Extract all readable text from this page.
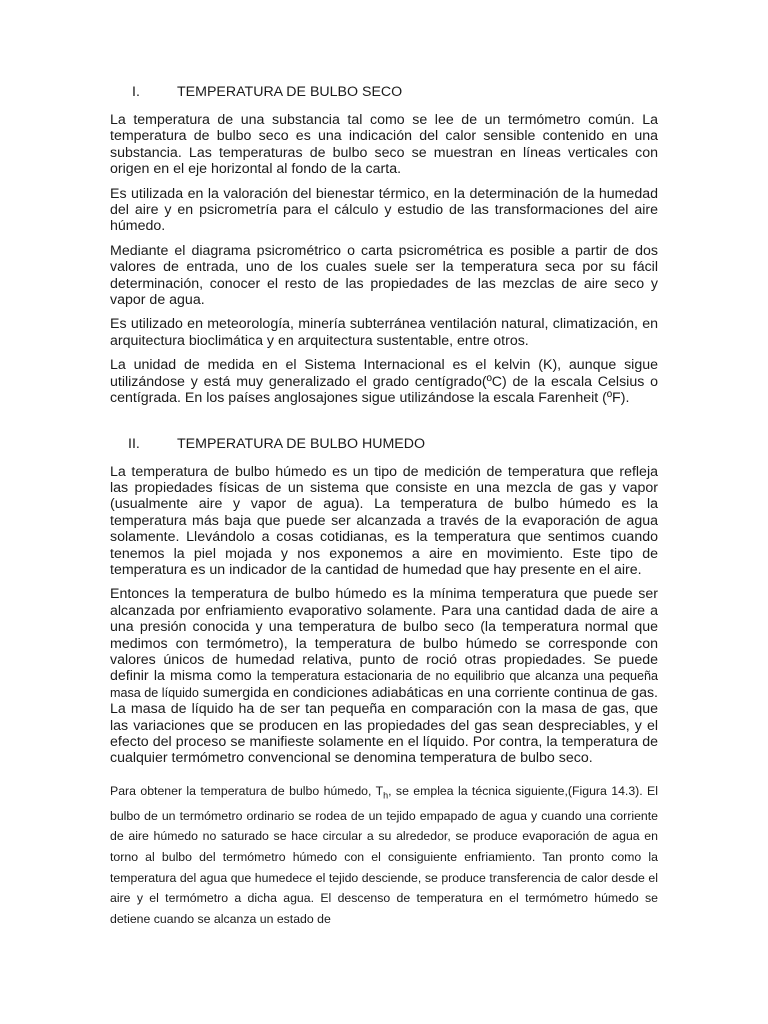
I.	TEMPERATURA DE BULBO SECO

La temperatura de una substancia tal como se lee de un termómetro común. La temperatura de bulbo seco es una indicación del calor sensible contenido en una substancia. Las temperaturas de bulbo seco se muestran en líneas verticales con origen en el eje horizontal al fondo de la carta.

Es utilizada en la valoración del bienestar térmico, en la determinación de la humedad del aire y en psicrometría para el cálculo y estudio de las transformaciones del aire húmedo.

Mediante el diagrama psicrométrico o carta psicrométrica es posible a partir de dos valores de entrada, uno de los cuales suele ser la temperatura seca por su fácil determinación, conocer el resto de las propiedades de las mezclas de aire seco y vapor de agua.

Es utilizado en meteorología, minería subterránea ventilación natural, climatización, en arquitectura bioclimática y en arquitectura sustentable, entre otros.

La unidad de medida en el Sistema Internacional es el kelvin (K), aunque sigue utilizándose y está muy generalizado el grado centígrado(ºC) de la escala Celsius o centígrada. En los países anglosajones sigue utilizándose la escala Farenheit (ºF).

II.	TEMPERATURA DE BULBO HUMEDO

La temperatura de bulbo húmedo es un tipo de medición de temperatura que refleja las propiedades físicas de un sistema que consiste en una mezcla de gas y vapor (usualmente aire y vapor de agua). La temperatura de bulbo húmedo es la temperatura más baja que puede ser alcanzada a través de la evaporación de agua solamente. Llevándolo a cosas cotidianas, es la temperatura que sentimos cuando tenemos la piel mojada y nos exponemos a aire en movimiento. Este tipo de temperatura es un indicador de la cantidad de humedad que hay presente en el aire.

Entonces la temperatura de bulbo húmedo es la mínima temperatura que puede ser alcanzada por enfriamiento evaporativo solamente. Para una cantidad dada de aire a una presión conocida y una temperatura de bulbo seco (la temperatura normal que medimos con termómetro), la temperatura de bulbo húmedo se corresponde con valores únicos de humedad relativa, punto de roció otras propiedades. Se puede definir la misma como la temperatura estacionaria de no equilibrio que alcanza una pequeña masa de líquido sumergida en condiciones adiabáticas en una corriente continua de gas. La masa de líquido ha de ser tan pequeña en comparación con la masa de gas, que las variaciones que se producen en las propiedades del gas sean despreciables, y el efecto del proceso se manifieste solamente en el líquido. Por contra, la temperatura de cualquier termómetro convencional se denomina temperatura de bulbo seco.

Para obtener la temperatura de bulbo húmedo, $T_h$, se emplea la técnica siguiente,(Figura 14.3). El bulbo de un termómetro ordinario se rodea de un tejido empapado de agua y cuando una corriente de aire húmedo no saturado se hace circular a su alrededor, se produce evaporación de agua en torno al bulbo del termómetro húmedo con el consiguiente enfriamiento. Tan pronto como la temperatura del agua que humedece el tejido desciende, se produce transferencia de calor desde el aire y el termómetro a dicha agua. El descenso de temperatura en el termómetro húmedo se detiene cuando se alcanza un estado de
